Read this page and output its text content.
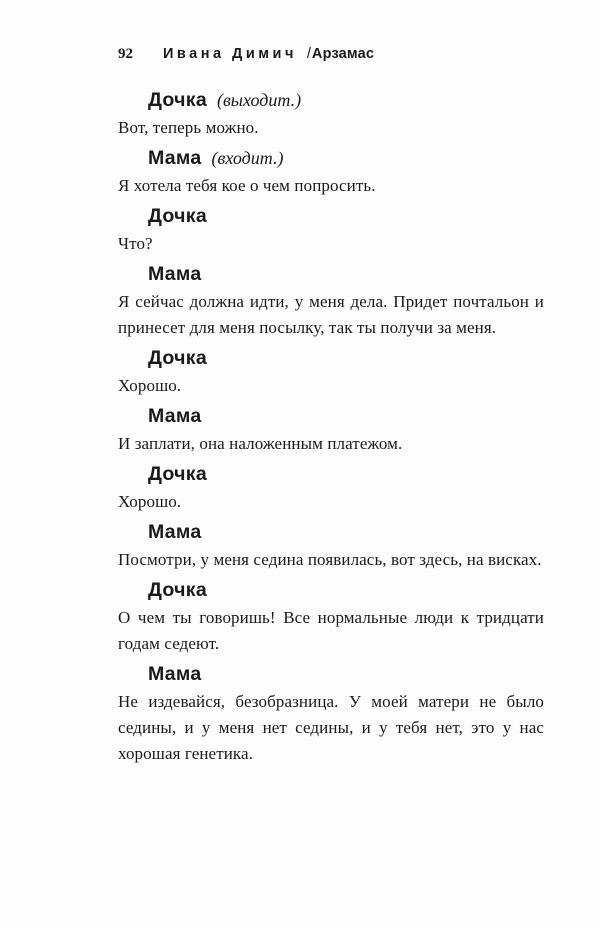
92 Ивана Димич / Арзамас
Дочка (выходит.)

Вот, теперь можно.

Мама (входит.)

Я хотела тебя кое о чем попросить.

Дочка

Что?

Мама

Я сейчас должна идти, у меня дела. Придет почтальон и принесет для меня посылку, так ты получи за меня.

Дочка

Хорошо.

Мама

И заплати, она наложенным платежом.

Дочка

Хорошо.

Мама

Посмотри, у меня седина появилась, вот здесь, на висках.

Дочка

О чем ты говоришь! Все нормальные люди к тридцати годам седеют.

Мама

Не издевайся, безобразница. У моей матери не было седины, и у меня нет седины, и у тебя нет, это у нас хорошая генетика.
